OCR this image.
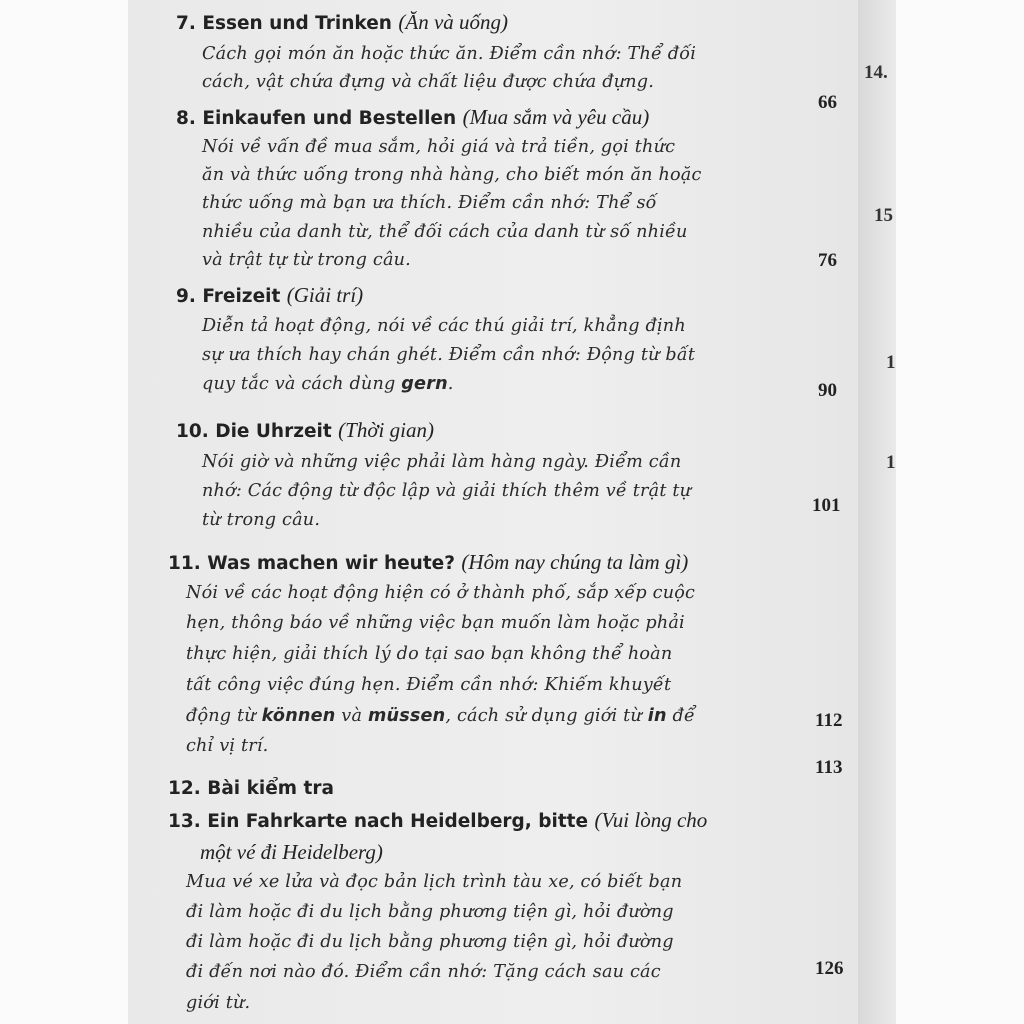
14.
15
1
1
7. Essen und Trinken (Ăn và uống)
Cách gọi món ăn hoặc thức ăn. Điểm cần nhớ: Thể đối
cách, vật chứa đựng và chất liệu được chứa đựng.
66
8. Einkaufen und Bestellen (Mua sắm và yêu cầu)
Nói về vấn đề mua sắm, hỏi giá và trả tiền, gọi thức
ăn và thức uống trong nhà hàng, cho biết món ăn hoặc
thức uống mà bạn ưa thích. Điểm cần nhớ: Thể số
nhiều của danh từ, thể đối cách của danh từ số nhiều
và trật tự từ trong câu.	76
9. Freizeit (Giải trí)
Diễn tả hoạt động, nói về các thú giải trí, khẳng định
sự ưa thích hay chán ghét. Điểm cần nhớ: Động từ bất
quy tắc và cách dùng gern.	90
10. Die Uhrzeit (Thời gian)
Nói giờ và những việc phải làm hàng ngày. Điểm cần
nhớ: Các động từ độc lập và giải thích thêm về trật tự
từ trong câu.
101
11. Was machen wir heute? (Hôm nay chúng ta làm gì)
Nói về các hoạt động hiện có ở thành phố, sắp xếp cuộc
hẹn, thông báo về những việc bạn muốn làm hoặc phải
thực hiện, giải thích lý do tại sao bạn không thể hoàn
tất công việc đúng hẹn. Điểm cần nhớ: Khiếm khuyết
động từ können và müssen, cách sử dụng giới từ in để
chỉ vị trí.
112
12. Bài kiểm tra
113
13. Ein Fahrkarte nach Heidelberg, bitte (Vui lòng cho
một vé đi Heidelberg)
Mua vé xe lửa và đọc bản lịch trình tàu xe, có biết bạn
đi làm hoặc đi du lịch bằng phương tiện gì, hỏi đường
đi làm hoặc đi du lịch bằng phương tiện gì, hỏi đường
đi đến nơi nào đó. Điểm cần nhớ: Tặng cách sau các
giới từ.
126
